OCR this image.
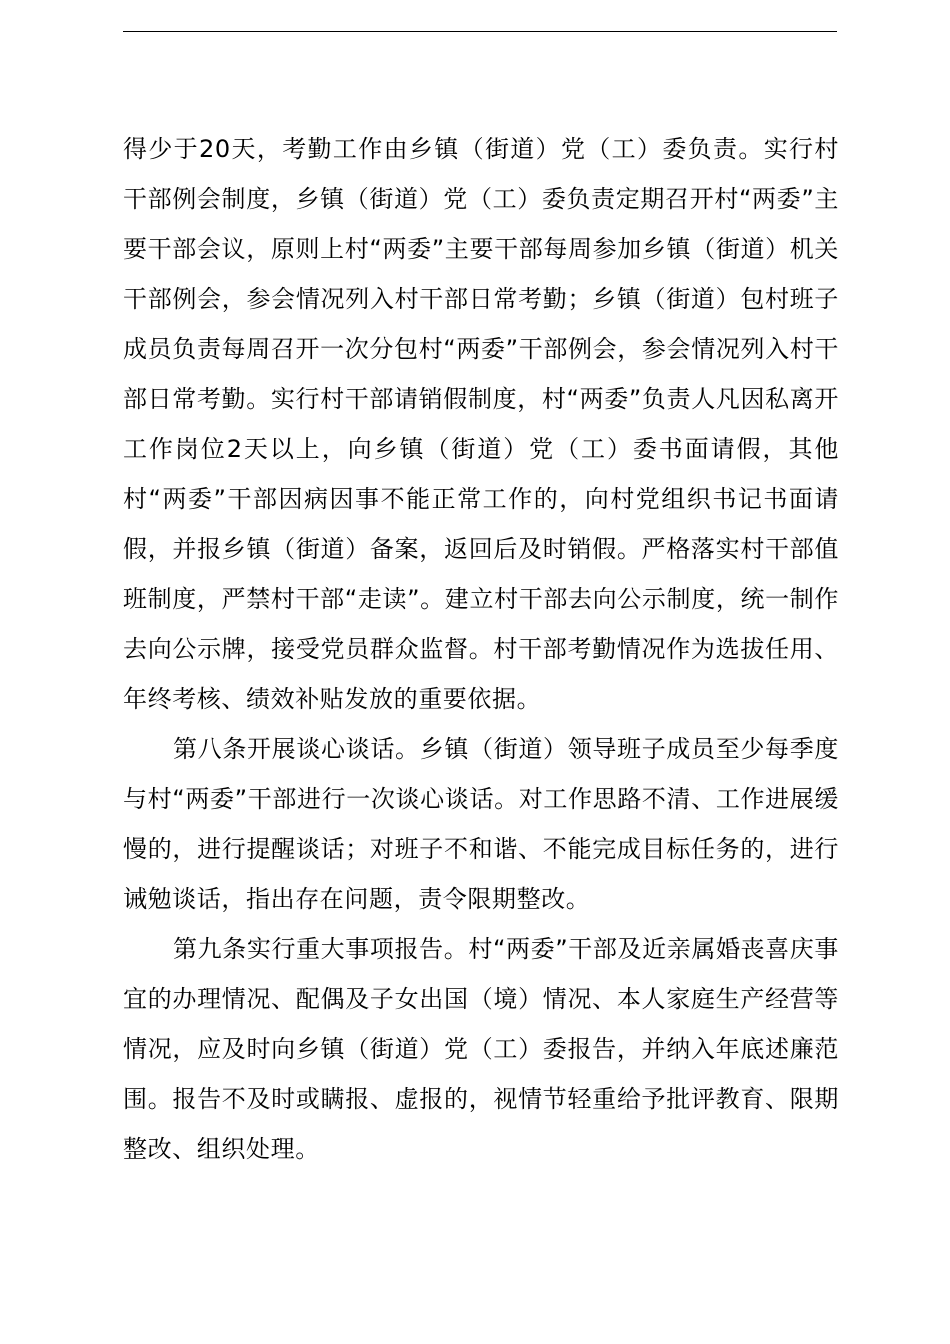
得少于20天，考勤工作由乡镇（街道）党（工）委负责。实行村干部例会制度，乡镇（街道）党（工）委负责定期召开村“两委”主要干部会议，原则上村“两委”主要干部每周参加乡镇（街道）机关干部例会，参会情况列入村干部日常考勤；乡镇（街道）包村班子成员负责每周召开一次分包村“两委”干部例会，参会情况列入村干部日常考勤。实行村干部请销假制度，村“两委”负责人凡因私离开工作岗位2天以上，向乡镇（街道）党（工）委书面请假，其他村“两委”干部因病因事不能正常工作的，向村党组织书记书面请假，并报乡镇（街道）备案，返回后及时销假。严格落实村干部值班制度，严禁村干部“走读”。建立村干部去向公示制度，统一制作去向公示牌，接受党员群众监督。村干部考勤情况作为选拔任用、年终考核、绩效补贴发放的重要依据。

第八条开展谈心谈话。乡镇（街道）领导班子成员至少每季度与村“两委”干部进行一次谈心谈话。对工作思路不清、工作进展缓慢的，进行提醒谈话；对班子不和谐、不能完成目标任务的，进行诫勉谈话，指出存在问题，责令限期整改。

第九条实行重大事项报告。村“两委”干部及近亲属婚丧喜庆事宜的办理情况、配偶及子女出国（境）情况、本人家庭生产经营等情况，应及时向乡镇（街道）党（工）委报告，并纳入年底述廉范围。报告不及时或瞒报、虚报的，视情节轻重给予批评教育、限期整改、组织处理。
